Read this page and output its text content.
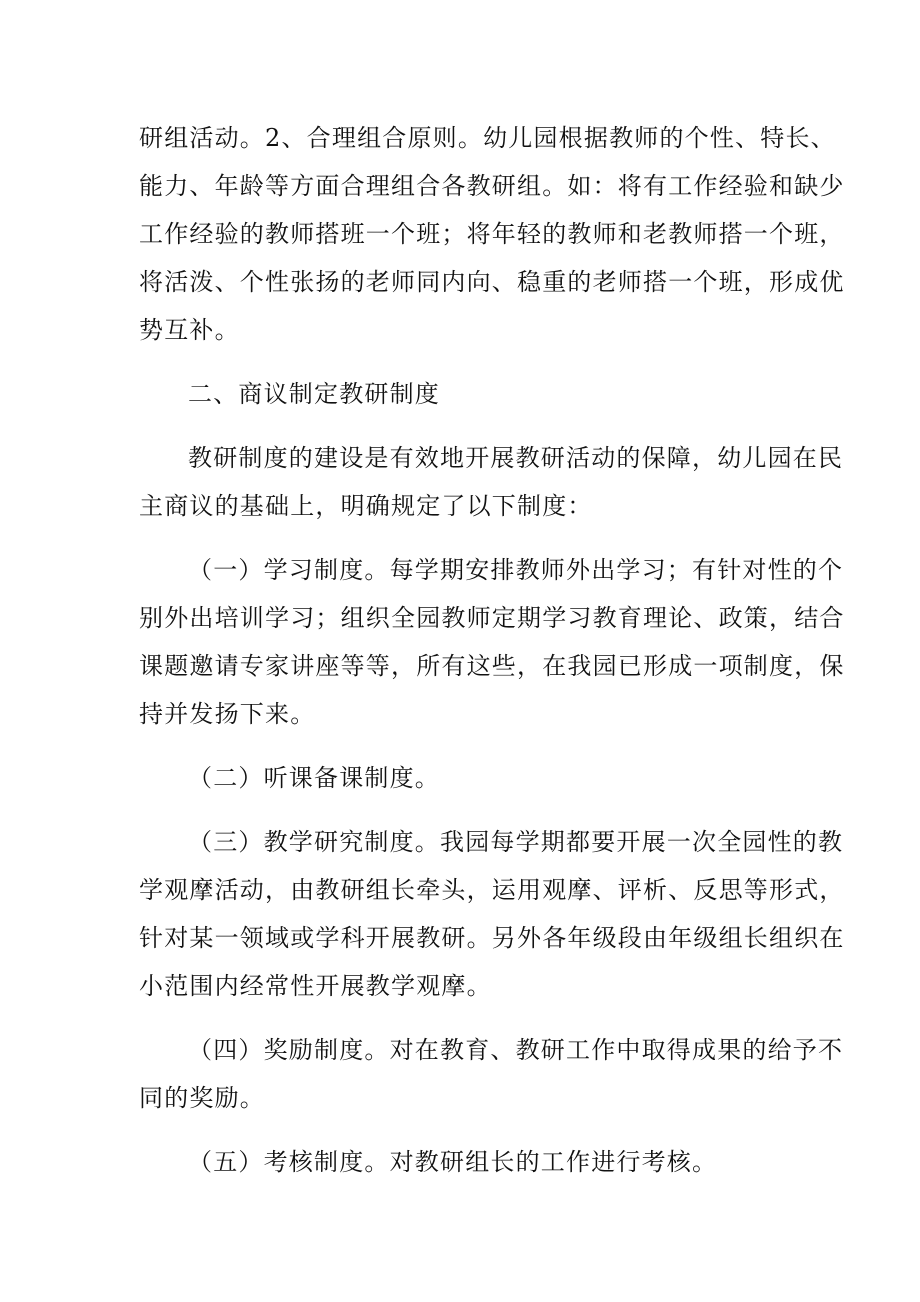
研组活动。2、合理组合原则。幼儿园根据教师的个性、特长、
能力、年龄等方面合理组合各教研组。如：将有工作经验和缺少
工作经验的教师搭班一个班；将年轻的教师和老教师搭一个班，
将活泼、个性张扬的老师同内向、稳重的老师搭一个班，形成优
势互补。
二、商议制定教研制度
教研制度的建设是有效地开展教研活动的保障，幼儿园在民
主商议的基础上，明确规定了以下制度：
（一）学习制度。每学期安排教师外出学习；有针对性的个
别外出培训学习；组织全园教师定期学习教育理论、政策，结合
课题邀请专家讲座等等，所有这些，在我园已形成一项制度，保
持并发扬下来。
（二）听课备课制度。
（三）教学研究制度。我园每学期都要开展一次全园性的教
学观摩活动，由教研组长牵头，运用观摩、评析、反思等形式，
针对某一领域或学科开展教研。另外各年级段由年级组长组织在
小范围内经常性开展教学观摩。
（四）奖励制度。对在教育、教研工作中取得成果的给予不
同的奖励。
（五）考核制度。对教研组长的工作进行考核。
